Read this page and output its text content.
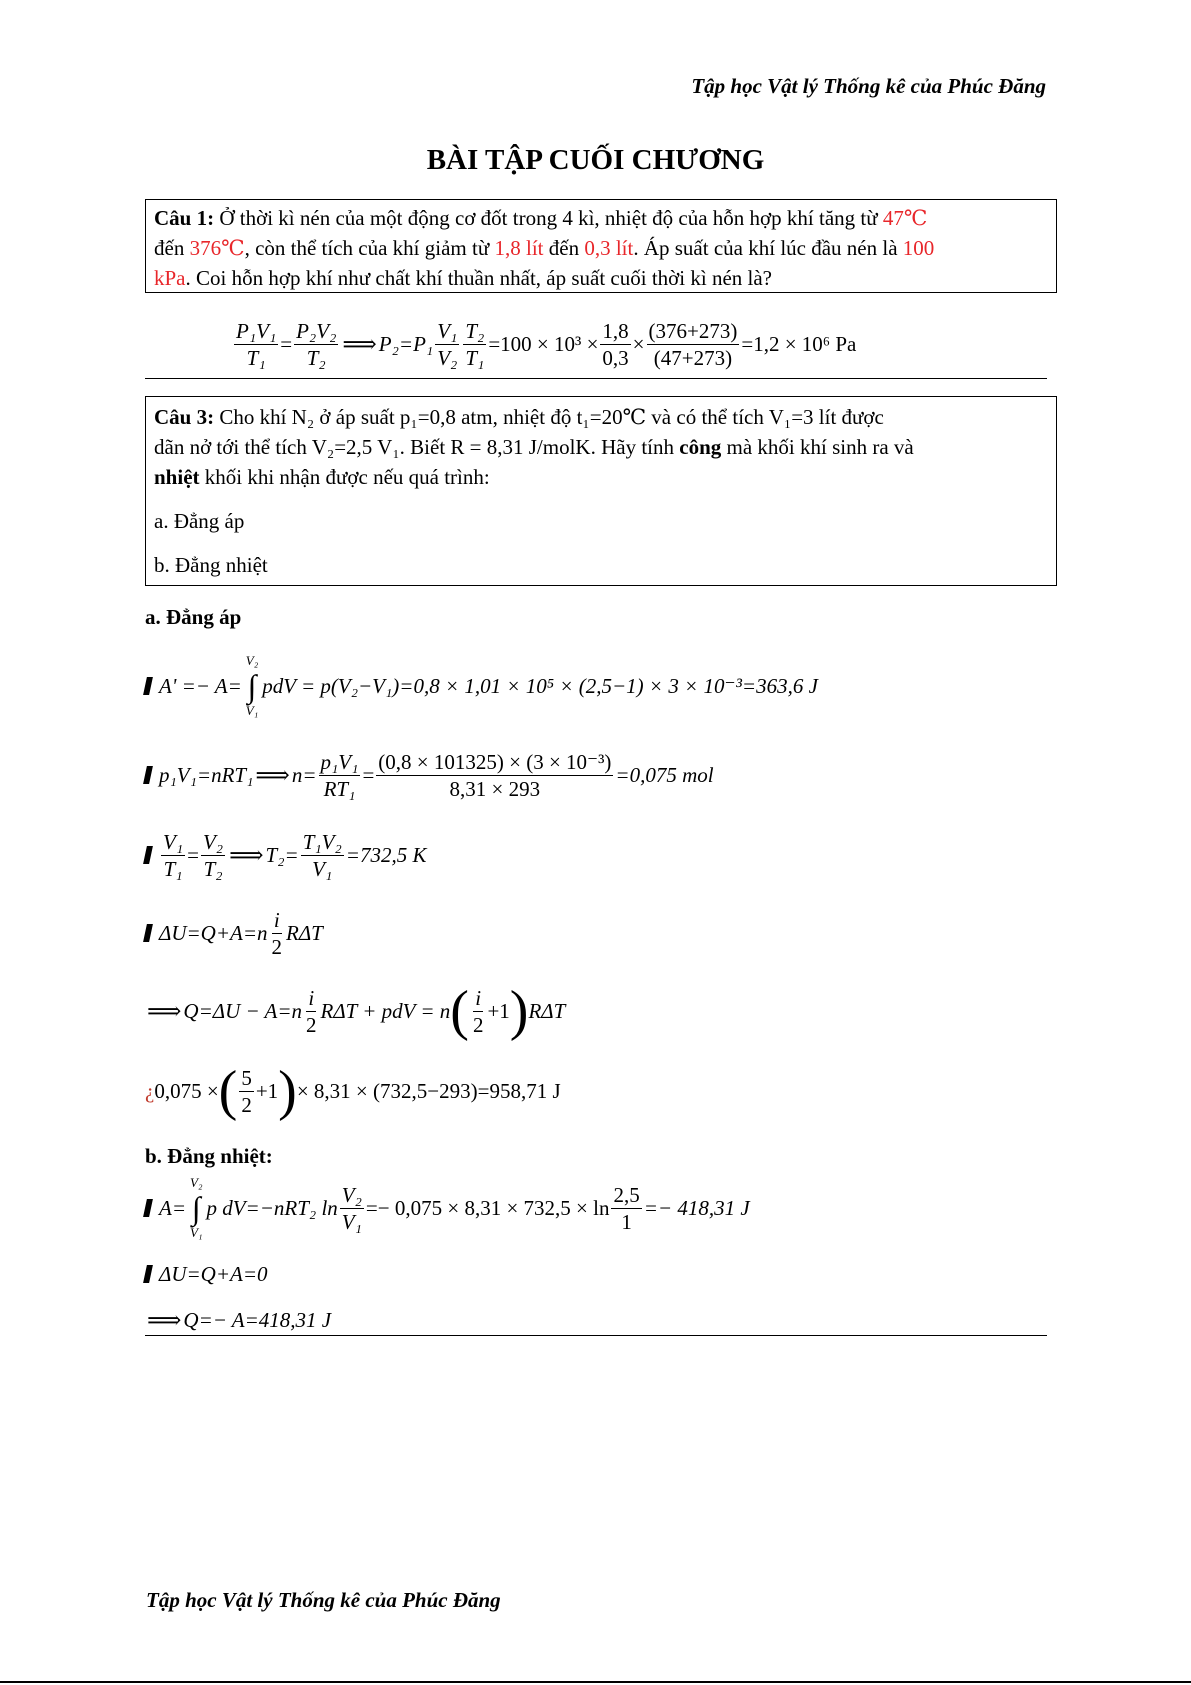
Tập học Vật lý Thống kê của Phúc Đăng
BÀI TẬP CUỐI CHƯƠNG
Câu 1: Ở thời kì nén của một động cơ đốt trong 4 kì, nhiệt độ của hỗn hợp khí tăng từ 47℃
đến 376℃, còn thể tích của khí giảm từ 1,8 lít đến 0,3 lít. Áp suất của khí lúc đầu nén là 100
kPa. Coi hỗn hợp khí như chất khí thuần nhất, áp suất cuối thời kì nén là?
$\frac{\text{P₁V₁}}{\text{T₁}} = \frac{\text{P₂V₂}}{\text{T₂}}$ ⟹ $P_2=P_1 \frac{\text{V₁}}{\text{V₂}} \frac{\text{T₂}}{\text{T₁}} =100 \times 10^3 \times \frac{1,8}{0,3} \times \frac{(376+273)}{(47+273)} =1,2 \times 10^6$ Pa
Câu 3: Cho khí N₂ ở áp suất p₁=0,8 atm, nhiệt độ t₁=20℃ và có thể tích V₁=3 lít được
dãn nở tới thể tích V₂=2,5 V₁. Biết R = 8,31 J/molK. Hãy tính công mà khối khí sinh ra và
nhiệt khối khi nhận được nếu quá trình:
a. Đẳng áp
b. Đẳng nhiệt
a. Đẳng áp
A' =− A=
V₂
∫
V₁
pdV = p(V₂−V₁)=0,8 × 1,01 × 10⁵ × (2,5−1) × 3 × 10⁻³=363,6 J
p₁V₁=nRT₁ ⟹ $n= \frac{\text{p₁V₁}}{\text{RT₁}} = \frac{\text{(0,8 × 101325) × (3 × 10⁻³)}}{8,31 \times 293} =0,075$ mol
$\frac{\text{V₁}}{\text{T₁}} = \frac{\text{V₂}}{\text{T₂}}$ ⟹ $T_2= \frac{\text{T₁V₂}}{\text{V₁}} =732,5$ K
$\Delta U=Q+A=n \frac{i}{2}$ RΔT
⟹ $Q=\Delta U - A=n \frac{i}{2}$ RΔT + pdV = n ( $\frac{i}{2} +1$ ) RΔT
¿ 0,075 × ( $\frac{5}{2} +1$ ) × 8,31 × (732,5−293)=958,71 J
b. Đẳng nhiệt:
A=
V₂
∫
V₁
p dV=−nRT₂ $\ln \frac{\text{V₂}}{\text{V₁}} =- 0,075 \times 8,31 \times 732,5 \times \ln \frac{2,5}{1} =- 418,31$ J
ΔU=Q+A=0
⟹ Q=− A=418,31 J
Tập học Vật lý Thống kê của Phúc Đăng
